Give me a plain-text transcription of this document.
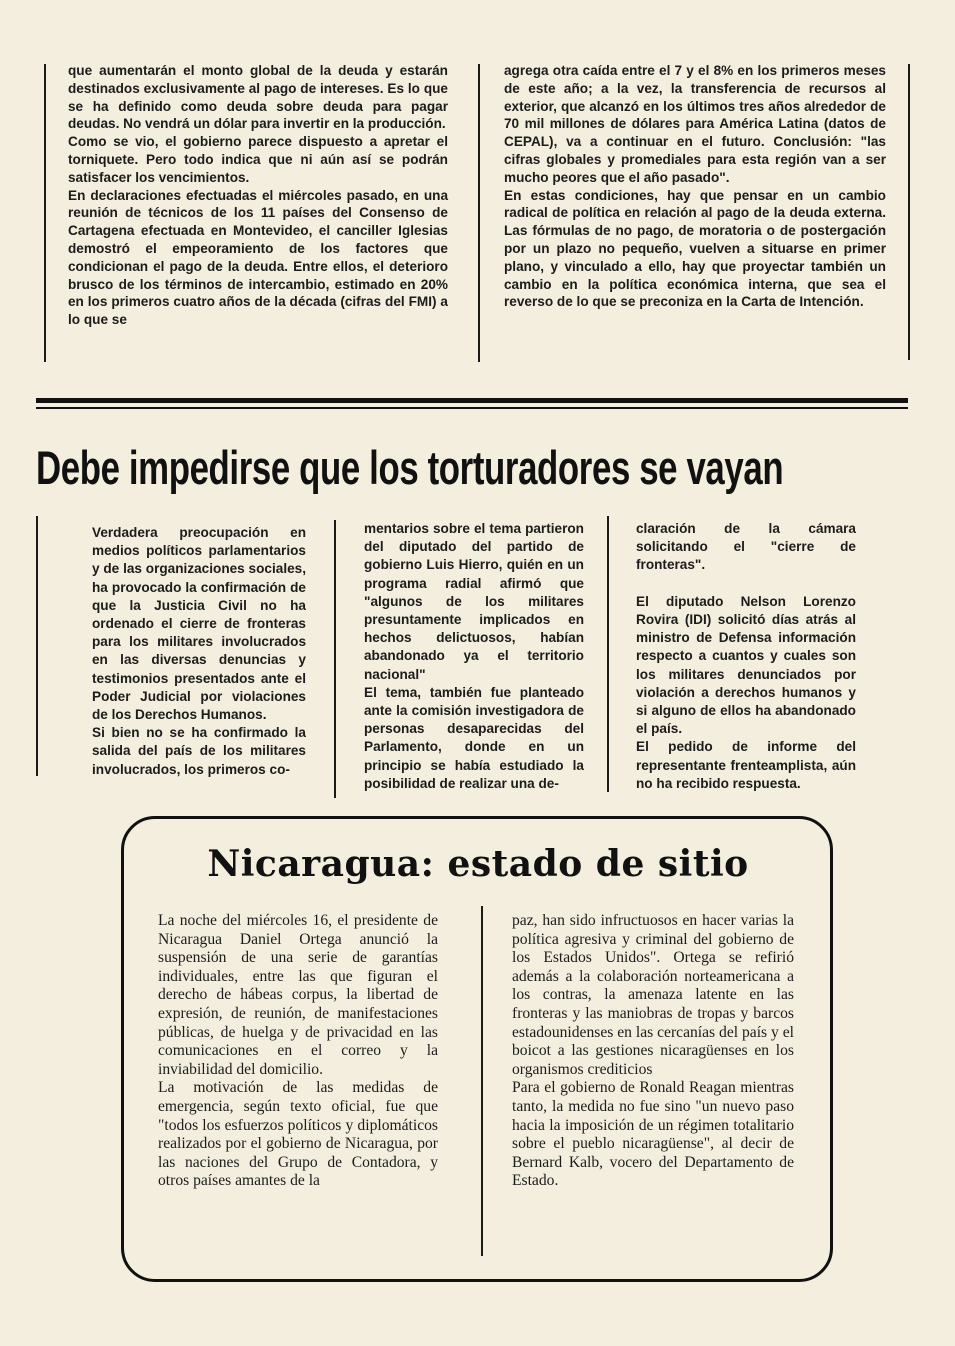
que aumentarán el monto global de la deuda y estarán destinados exclusivamente al pago de intereses. Es lo que se ha definido como deuda sobre deuda para pagar deudas. No vendrá un dólar para invertir en la producción.
Como se vio, el gobierno parece dispuesto a apretar el torniquete. Pero todo indica que ni aún así se podrán satisfacer los vencimientos.
En declaraciones efectuadas el miércoles pasado, en una reunión de técnicos de los 11 países del Consenso de Cartagena efectuada en Montevideo, el canciller Iglesias demostró el empeoramiento de los factores que condicionan el pago de la deuda. Entre ellos, el deterioro brusco de los términos de intercambio, estimado en 20% en los primeros cuatro años de la década (cifras del FMI) a lo que se
agrega otra caída entre el 7 y el 8% en los primeros meses de este año; a la vez, la transferencia de recursos al exterior, que alcanzó en los últimos tres años alrededor de 70 mil millones de dólares para América Latina (datos de CEPAL), va a continuar en el futuro. Conclusión: "las cifras globales y promediales para esta región van a ser mucho peores que el año pasado".
En estas condiciones, hay que pensar en un cambio radical de política en relación al pago de la deuda externa. Las fórmulas de no pago, de moratoria o de postergación por un plazo no pequeño, vuelven a situarse en primer plano, y vinculado a ello, hay que proyectar también un cambio en la política económica interna, que sea el reverso de lo que se preconiza en la Carta de Intención.
Debe impedirse que los torturadores se vayan
Verdadera preocupación en medios políticos parlamentarios y de las organizaciones sociales, ha provocado la confirmación de que la Justicia Civil no ha ordenado el cierre de fronteras para los militares involucrados en las diversas denuncias y testimonios presentados ante el Poder Judicial por violaciones de los Derechos Humanos.
Si bien no se ha confirmado la salida del país de los militares involucrados, los primeros co-
mentarios sobre el tema partieron del diputado del partido de gobierno Luis Hierro, quién en un programa radial afirmó que "algunos de los militares presuntamente implicados en hechos delictuosos, habían abandonado ya el territorio nacional"
El tema, también fue planteado ante la comisión investigadora de personas desaparecidas del Parlamento, donde en un principio se había estudiado la posibilidad de realizar una de-
claración de la cámara solicitando el "cierre de fronteras".

El diputado Nelson Lorenzo Rovira (IDI) solicitó días atrás al ministro de Defensa información respecto a cuantos y cuales son los militares denunciados por violación a derechos humanos y si alguno de ellos ha abandonado el país.
El pedido de informe del representante frenteamplista, aún no ha recibido respuesta.
Nicaragua: estado de sitio
La noche del miércoles 16, el presidente de Nicaragua Daniel Ortega anunció la suspensión de una serie de garantías individuales, entre las que figuran el derecho de hábeas corpus, la libertad de expresión, de reunión, de manifestaciones públicas, de huelga y de privacidad en las comunicaciones en el correo y la inviabilidad del domicilio.
La motivación de las medidas de emergencia, según texto oficial, fue que "todos los esfuerzos políticos y diplomáticos realizados por el gobierno de Nicaragua, por las naciones del Grupo de Contadora, y otros países amantes de la
paz, han sido infructuosos en hacer varias la política agresiva y criminal del gobierno de los Estados Unidos". Ortega se refirió además a la colaboración norteamericana a los contras, la amenaza latente en las fronteras y las maniobras de tropas y barcos estadounidenses en las cercanías del país y el boicot a las gestiones nicaragüenses en los organismos crediticios
Para el gobierno de Ronald Reagan mientras tanto, la medida no fue sino "un nuevo paso hacia la imposición de un régimen totalitario sobre el pueblo nicaragüense", al decir de Bernard Kalb, vocero del Departamento de Estado.
